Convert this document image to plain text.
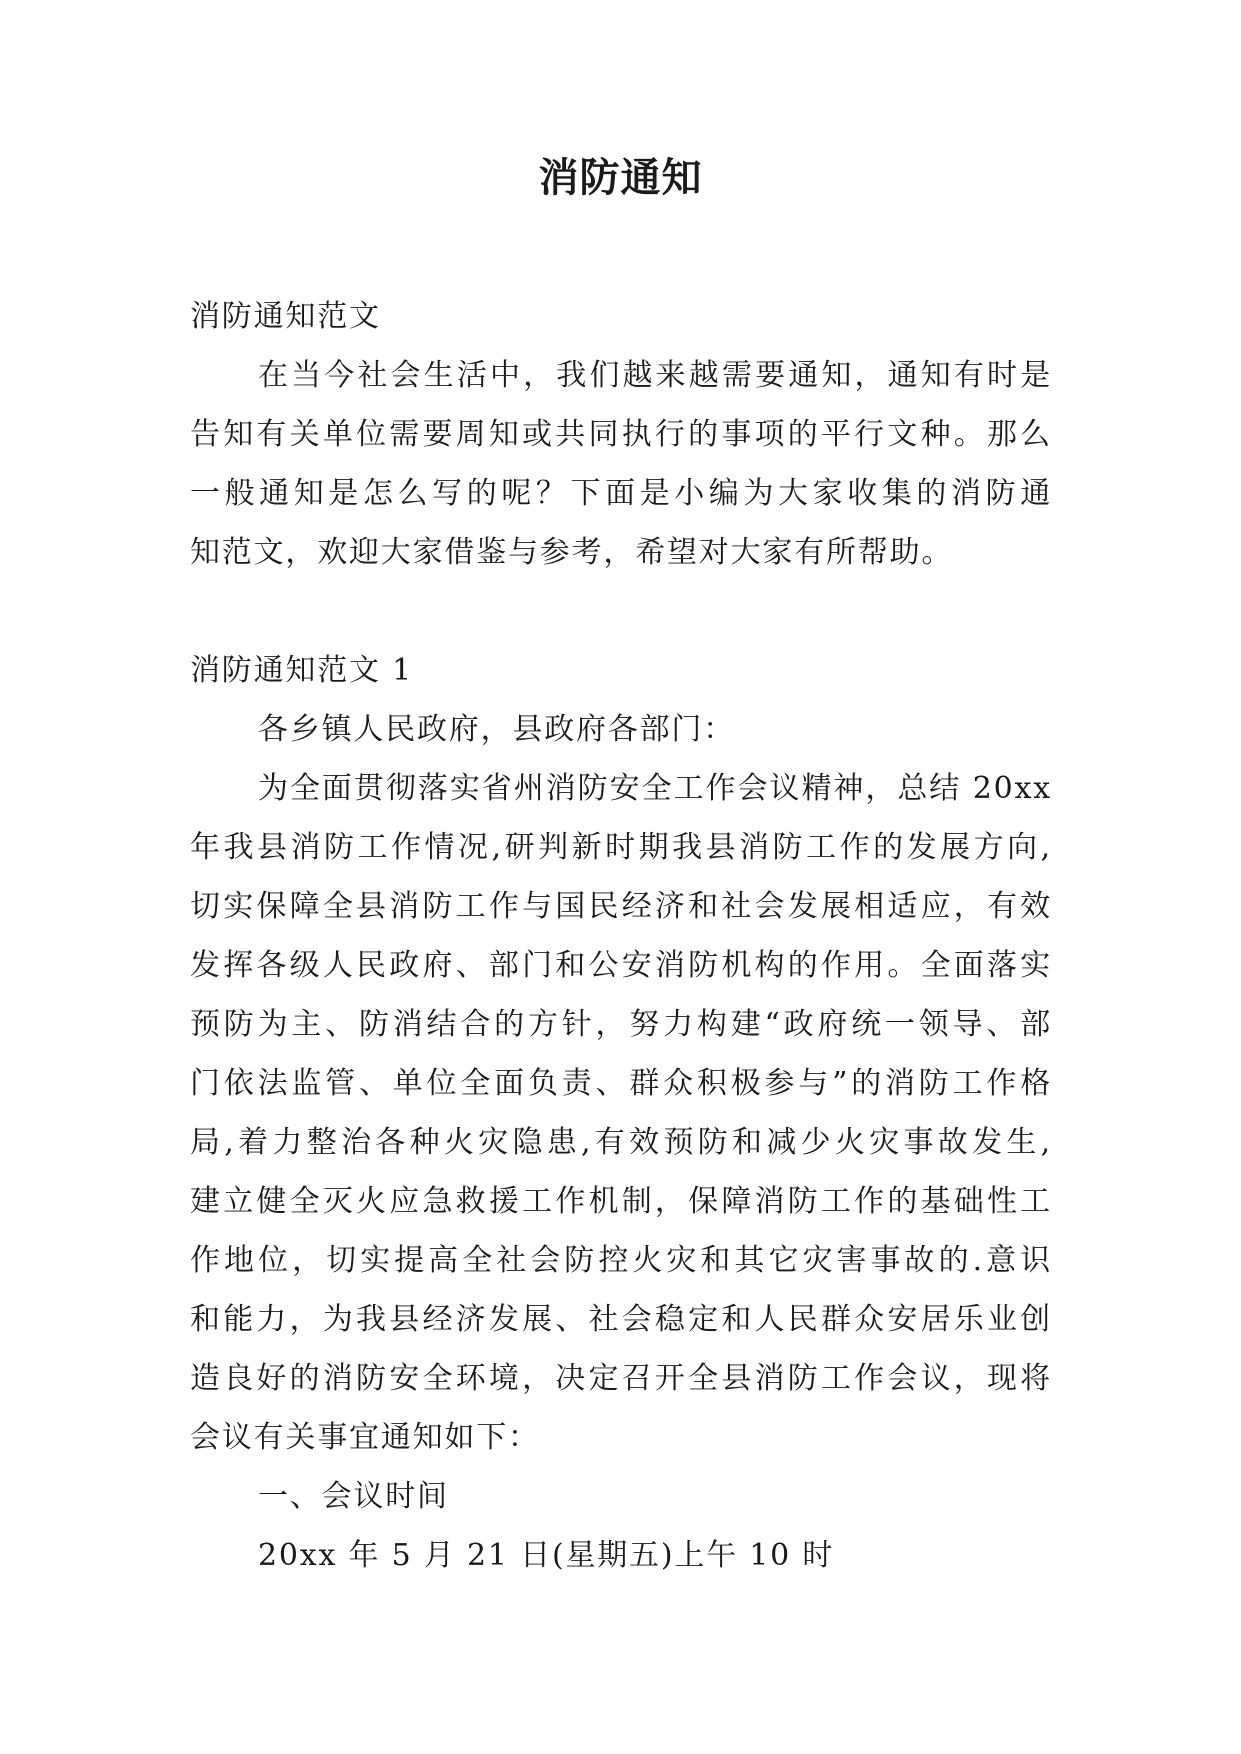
消防通知
消防通知范文
在当今社会生活中，我们越来越需要通知，通知有时是
告知有关单位需要周知或共同执行的事项的平行文种。那么
一般通知是怎么写的呢？下面是小编为大家收集的消防通
知范文，欢迎大家借鉴与参考，希望对大家有所帮助。
消防通知范文 1
各乡镇人民政府，县政府各部门：
为全面贯彻落实省州消防安全工作会议精神，总结 20xx
年我县消防工作情况,研判新时期我县消防工作的发展方向,
切实保障全县消防工作与国民经济和社会发展相适应，有效
发挥各级人民政府、部门和公安消防机构的作用。全面落实
预防为主、防消结合的方针，努力构建“政府统一领导、部
门依法监管、单位全面负责、群众积极参与”的消防工作格
局,着力整治各种火灾隐患,有效预防和减少火灾事故发生,
建立健全灭火应急救援工作机制，保障消防工作的基础性工
作地位，切实提高全社会防控火灾和其它灾害事故的.意识
和能力，为我县经济发展、社会稳定和人民群众安居乐业创
造良好的消防安全环境，决定召开全县消防工作会议，现将
会议有关事宜通知如下：
一、会议时间
20xx 年 5 月 21 日(星期五)上午 10 时
